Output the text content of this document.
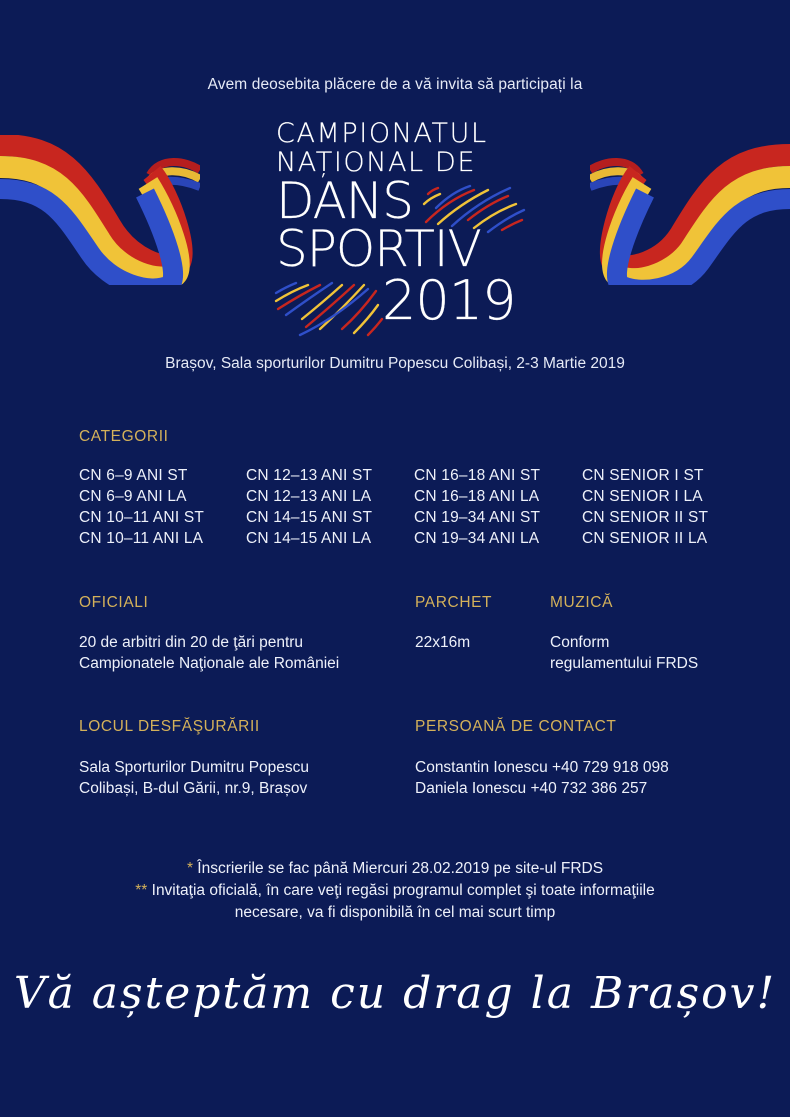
Avem deosebita plăcere de a vă invita să participați la
CAMPIONATUL
NAȚIONAL DE
DANS
SPORTIV
2019
Brașov, Sala sporturilor Dumitru Popescu Colibași, 2-3 Martie 2019
CATEGORII
CN 6–9 ANI ST
CN 6–9 ANI LA
CN 10–11 ANI ST
CN 10–11 ANI LA
CN 12–13 ANI ST
CN 12–13 ANI LA
CN 14–15 ANI ST
CN 14–15 ANI LA
CN 16–18 ANI ST
CN 16–18 ANI LA
CN 19–34 ANI ST
CN 19–34 ANI LA
CN SENIOR I ST
CN SENIOR I LA
CN SENIOR II ST
CN SENIOR II LA
OFICIALI
20 de arbitri din 20 de ţări pentru
Campionatele Naţionale ale României
PARCHET
22x16m
MUZICĂ
Conform
regulamentului FRDS
LOCUL DESFĂŞURĂRII
Sala Sporturilor Dumitru Popescu
Colibași, B-dul Gării, nr.9, Brașov
PERSOANĂ DE CONTACT
Constantin Ionescu +40 729 918 098
Daniela Ionescu +40 732 386 257
* Înscrierile se fac până Miercuri 28.02.2019 pe site-ul FRDS
** Invitaţia oficială, în care veţi regăsi programul complet şi toate informaţiile
necesare, va fi disponibilă în cel mai scurt timp
Vă așteptăm cu drag la Brașov!
